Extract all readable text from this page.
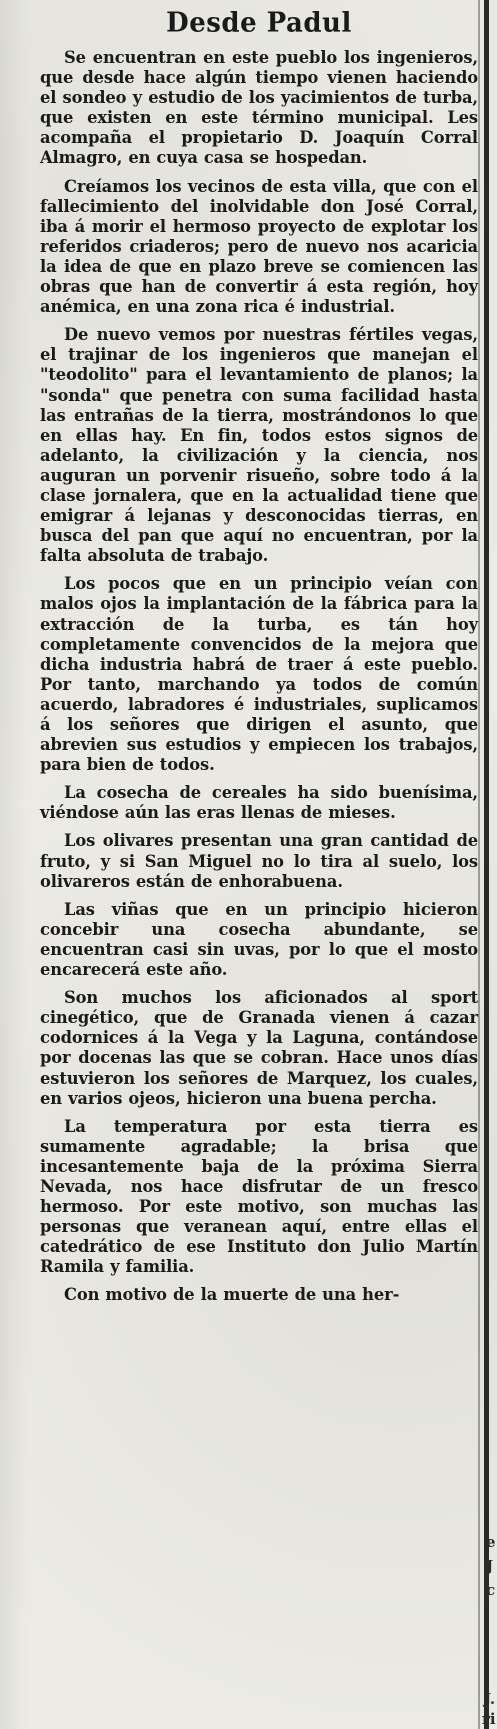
Desde Padul

Se encuentran en este pueblo los ingenieros, que desde hace algún tiempo vienen haciendo el sondeo y estudio de los yacimientos de turba, que existen en este término municipal. Les acompaña el propietario D. Joaquín Corral Almagro, en cuya casa se hospedan.

Creíamos los vecinos de esta villa, que con el fallecimiento del inolvidable don José Corral, iba á morir el hermoso proyecto de explotar los referidos criaderos; pero de nuevo nos acaricia la idea de que en plazo breve se comiencen las obras que han de convertir á esta región, hoy anémica, en una zona rica é industrial.

De nuevo vemos por nuestras fértiles vegas, el trajinar de los ingenieros que manejan el "teodolito" para el levantamiento de planos; la "sonda" que penetra con suma facilidad hasta las entrañas de la tierra, mostrándonos lo que en ellas hay. En fin, todos estos signos de adelanto, la civilización y la ciencia, nos auguran un porvenir risueño, sobre todo á la clase jornalera, que en la actualidad tiene que emigrar á lejanas y desconocidas tierras, en busca del pan que aquí no encuentran, por la falta absoluta de trabajo.

Los pocos que en un principio veían con malos ojos la implantación de la fábrica para la extracción de la turba, es tán hoy completamente convencidos de la mejora que dicha industria habrá de traer á este pueblo. Por tanto, marchando ya todos de común acuerdo, labradores é industriales, suplicamos á los señores que dirigen el asunto, que abrevien sus estudios y empiecen los trabajos, para bien de todos.

La cosecha de cereales ha sido buenísima, viéndose aún las eras llenas de mieses.

Los olivares presentan una gran cantidad de fruto, y si San Miguel no lo tira al suelo, los olivareros están de enhorabuena.

Las viñas que en un principio hicieron concebir una cosecha abundante, se encuentran casi sin uvas, por lo que el mosto encarecerá este año.

Son muchos los aficionados al sport cinegético, que de Granada vienen á cazar codornices á la Vega y la Laguna, contándose por docenas las que se cobran. Hace unos días estuvieron los señores de Marquez, los cuales, en varios ojeos, hicieron una buena percha.

La temperatura por esta tierra es sumamente agradable; la brisa que incesantemente baja de la próxima Sierra Nevada, nos hace disfrutar de un fresco hermoso. Por este motivo, son muchas las personas que veranean aquí, entre ellas el catedrático de ese Instituto don Julio Martín Ramila y familia.

Con motivo de la muerte de una her-

e
J
c
J.
ri
